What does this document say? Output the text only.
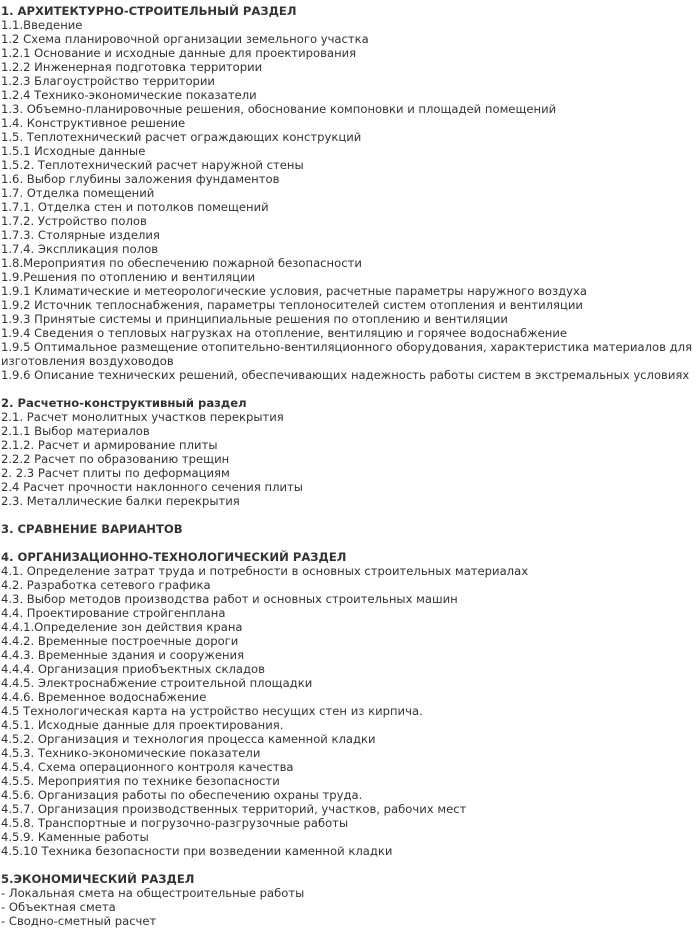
1. АРХИТЕКТУРНО-СТРОИТЕЛЬНЫЙ РАЗДЕЛ
1.1.Введение
1.2 Схема планировочной организации земельного участка
1.2.1 Основание и исходные данные для проектирования
1.2.2 Инженерная подготовка территории
1.2.3 Благоустройство территории
1.2.4 Технико-экономические показатели
1.3. Объемно-планировочные решения, обоснование компоновки и площадей помещений
1.4. Конструктивное решение
1.5. Теплотехнический расчет ограждающих конструкций
1.5.1 Исходные данные
1.5.2. Теплотехнический расчет наружной стены
1.6. Выбор глубины заложения фундаментов
1.7. Отделка помещений
1.7.1. Отделка стен и потолков помещений
1.7.2. Устройство полов
1.7.3. Столярные изделия
1.7.4. Экспликация полов
1.8.Мероприятия по обеспечению пожарной безопасности
1.9.Решения по отоплению и вентиляции
1.9.1 Климатические и метеорологические условия, расчетные параметры наружного воздуха
1.9.2 Источник теплоснабжения, параметры теплоносителей систем отопления и вентиляции
1.9.3 Принятые системы и принципиальные решения по отоплению и вентиляции
1.9.4 Сведения о тепловых нагрузках на отопление, вентиляцию и горячее водоснабжение
1.9.5 Оптимальное размещение отопительно-вентиляционного оборудования, характеристика материалов для изготовления воздуховодов
1.9.6 Описание технических решений, обеспечивающих надежность работы систем в экстремальных условиях
2. Расчетно-конструктивный раздел
2.1. Расчет монолитных участков перекрытия
2.1.1 Выбор материалов
2.1.2. Расчет и армирование плиты
2.2.2 Расчет по образованию трещин
2. 2.3 Расчет плиты по деформациям
2.4 Расчет прочности наклонного сечения плиты
2.3. Металлические балки перекрытия
3. СРАВНЕНИЕ ВАРИАНТОВ
4. ОРГАНИЗАЦИОННО-ТЕХНОЛОГИЧЕСКИЙ РАЗДЕЛ
4.1. Определение затрат труда и потребности в основных строительных материалах
4.2. Разработка сетевого графика
4.3. Выбор методов производства работ и основных строительных машин
4.4. Проектирование стройгенплана
4.4.1.Определение зон действия крана
4.4.2. Временные построечные дороги
4.4.3. Временные здания и сооружения
4.4.4. Организация приобъектных складов
4.4.5. Электроснабжение строительной площадки
4.4.6. Временное водоснабжение
4.5 Технологическая карта на устройство несущих стен из кирпича.
4.5.1. Исходные данные для проектирования.
4.5.2. Организация и технология процесса каменной кладки
4.5.3. Технико-экономические показатели
4.5.4. Схема операционного контроля качества
4.5.5. Мероприятия по технике безопасности
4.5.6. Организация работы по обеспечению охраны труда.
4.5.7. Организация производственных территорий, участков, рабочих мест
4.5.8. Транспортные и погрузочно-разгрузочные работы
4.5.9. Каменные работы
4.5.10 Техника безопасности при возведении каменной кладки
5.ЭКОНОМИЧЕСКИЙ РАЗДЕЛ
- Локальная смета на общестроительные работы
- Объектная смета
- Сводно-сметный расчет
